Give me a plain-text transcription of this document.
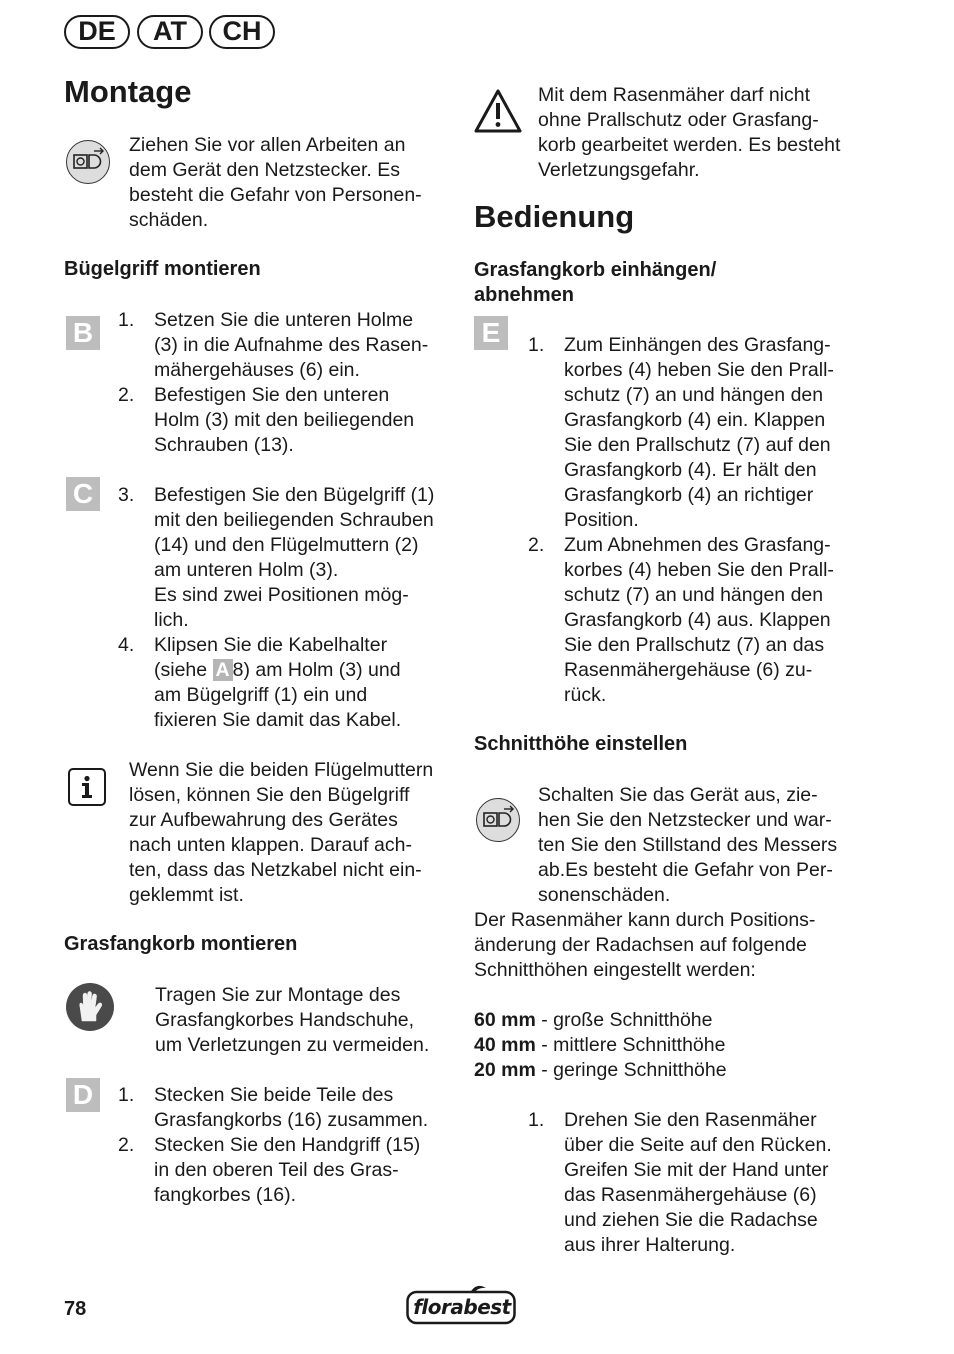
DE	AT	CH
Montage
Ziehen Sie vor allen Arbeiten an
dem Gerät den Netzstecker. Es
besteht die Gefahr von Personen-
schäden.
Bügelgriff montieren
B	1. Setzen Sie die unteren Holme
(3) in die Aufnahme des Rasen-
mähergehäuses (6) ein.
2. Befestigen Sie den unteren
Holm (3) mit den beiliegenden
Schrauben (13).
C	3. Befestigen Sie den Bügelgriff (1)
mit den beiliegenden Schrauben
(14) und den Flügelmuttern (2)
am unteren Holm (3).
Es sind zwei Positionen mög-
lich.
4. Klipsen Sie die Kabelhalter
(siehe A 8) am Holm (3) und
am Bügelgriff (1) ein und
fixieren Sie damit das Kabel.
Wenn Sie die beiden Flügelmuttern
lösen, können Sie den Bügelgriff
zur Aufbewahrung des Gerätes
nach unten klappen. Darauf ach-
ten, dass das Netzkabel nicht ein-
geklemmt ist.
Grasfangkorb montieren
Tragen Sie zur Montage des
Grasfangkorbes Handschuhe,
um Verletzungen zu vermeiden.
D	1. Stecken Sie beide Teile des
Grasfangkorbs (16) zusammen.
2. Stecken Sie den Handgriff (15)
in den oberen Teil des Gras-
fangkorbes (16).
Mit dem Rasenmäher darf nicht
ohne Prallschutz oder Grasfang-
korb gearbeitet werden. Es besteht
Verletzungsgefahr.
Bedienung
Grasfangkorb einhängen/
abnehmen
E	1. Zum Einhängen des Grasfang-
korbes (4) heben Sie den Prall-
schutz (7) an und hängen den
Grasfangkorb (4) ein. Klappen
Sie den Prallschutz (7) auf den
Grasfangkorb (4). Er hält den
Grasfangkorb (4) an richtiger
Position.
2. Zum Abnehmen des Grasfang-
korbes (4) heben Sie den Prall-
schutz (7) an und hängen den
Grasfangkorb (4) aus. Klappen
Sie den Prallschutz (7) an das
Rasenmähergehäuse (6) zu-
rück.
Schnitthöhe einstellen
Schalten Sie das Gerät aus, zie-
hen Sie den Netzstecker und war-
ten Sie den Stillstand des Messers
ab.Es besteht die Gefahr von Per-
sonenschäden.
Der Rasenmäher kann durch Positions-
änderung der Radachsen auf folgende
Schnitthöhen eingestellt werden:
60 mm - große Schnitthöhe
40 mm - mittlere Schnitthöhe
20 mm - geringe Schnitthöhe
1. Drehen Sie den Rasenmäher
über die Seite auf den Rücken.
Greifen Sie mit der Hand unter
das Rasenmähergehäuse (6)
und ziehen Sie die Radachse
aus ihrer Halterung.
78	florabest
